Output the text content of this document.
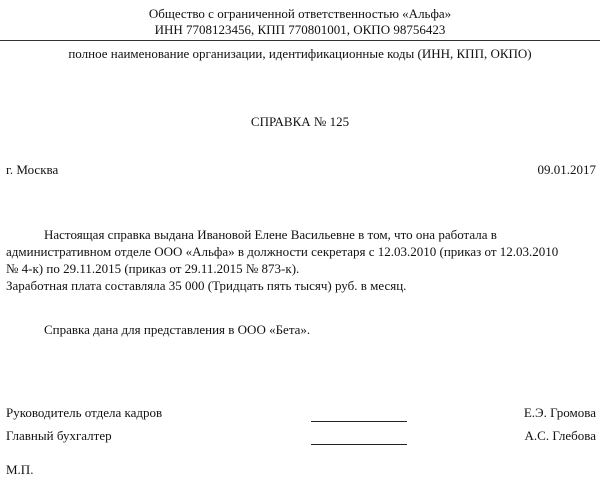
Общество с ограниченной ответственностью «Альфа»
ИНН 7708123456, КПП 770801001, ОКПО 98756423
полное наименование организации, идентификационные коды (ИНН, КПП, ОКПО)
СПРАВКА № 125
г. Москва	09.01.2017

Настоящая справка выдана Ивановой Елене Васильевне в том, что она работала в

административном отделе ООО «Альфа» в должности секретаря с 12.03.2010 (приказ от 12.03.2010

№ 4-к) по 29.11.2015 (приказ от 29.11.2015 № 873-к).

Заработная плата составляла 35 000 (Тридцать пять тысяч) руб. в месяц.

Справка дана для представления в ООО «Бета».
Руководитель отдела кадров	Е.Э. Громова
Главный бухгалтер	А.С. Глебова
М.П.
